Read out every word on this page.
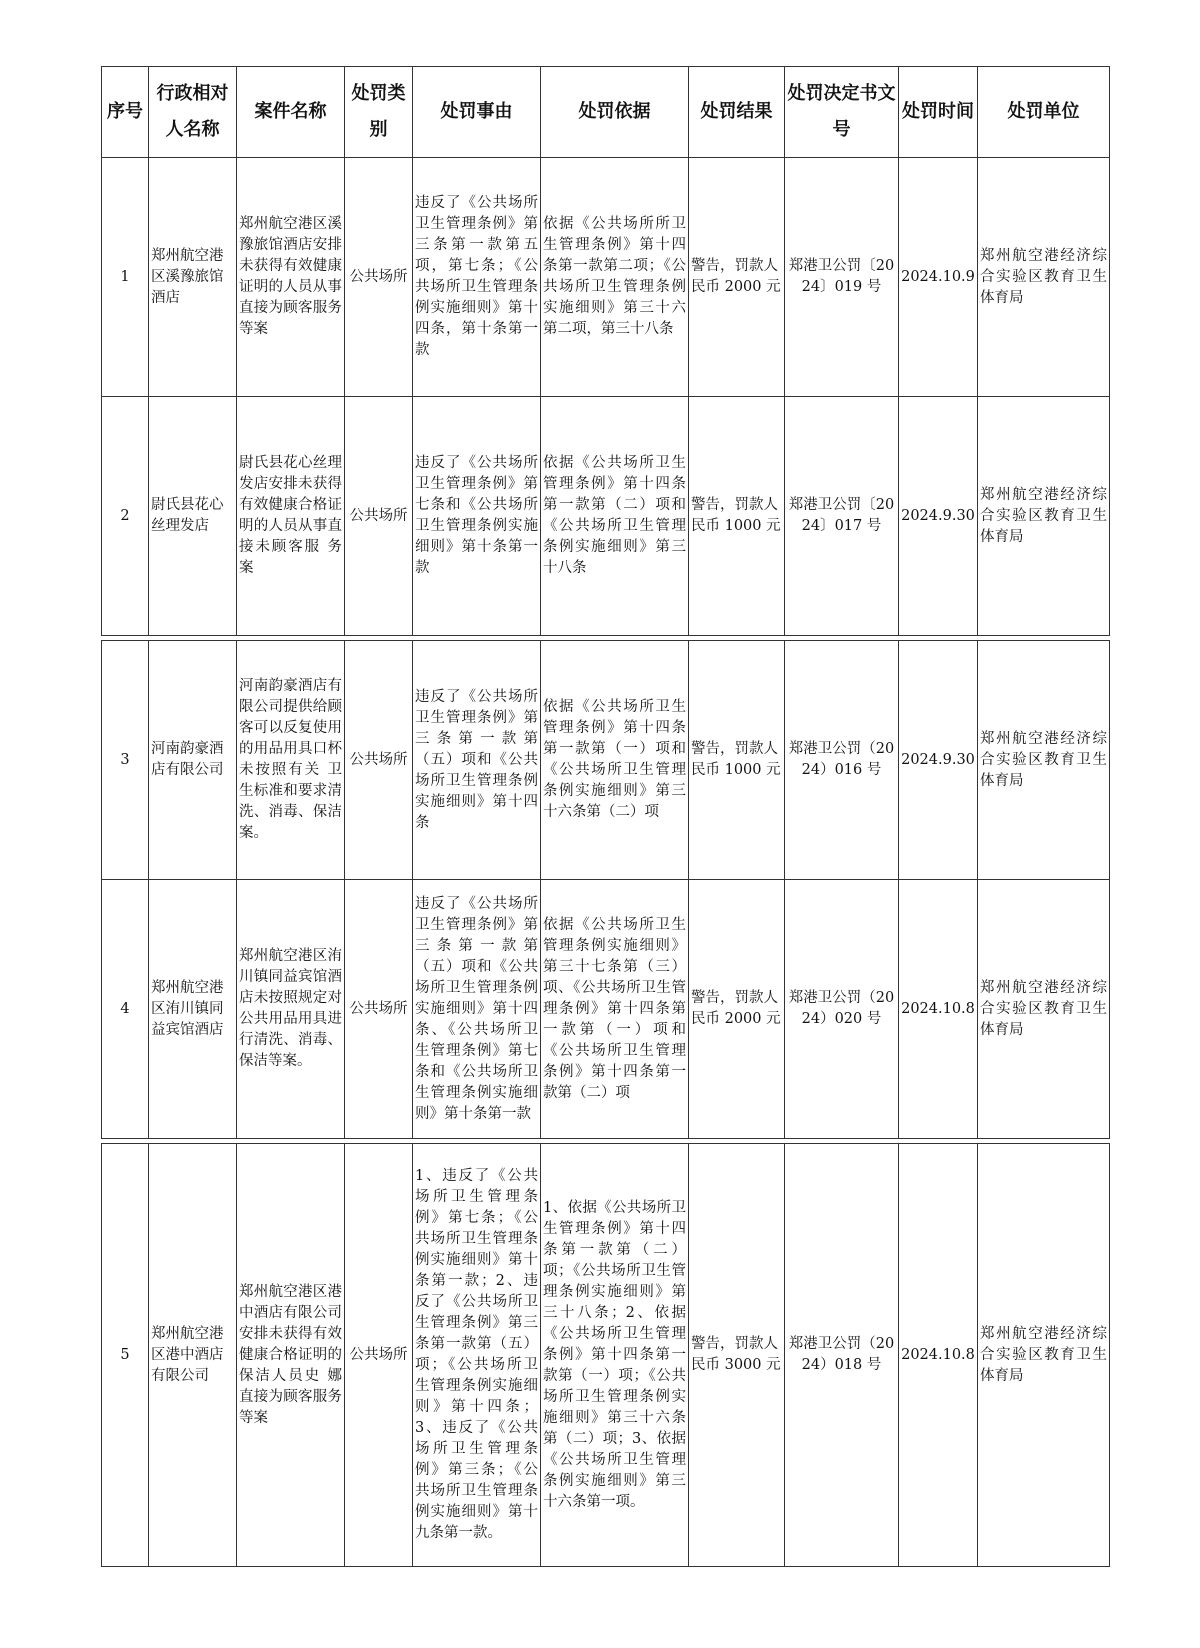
序号	行政相对人名称	案件名称	处罚类别	处罚事由	处罚依据	处罚结果	处罚决定书文号	处罚时间	处罚单位
1	郑州航空港区溪豫旅馆酒店	郑州航空港区溪豫旅馆酒店安排未获得有效健康证明的人员从事直接为顾客服务等案	公共场所	违反了《公共场所卫生管理条例》第三条第一款第五项，第七条；《公共场所卫生管理条例实施细则》第十四条，第十条第一款	依据《公共场所所卫生管理条例》第十四条第一款第二项；《公共场所卫生管理条例实施细则》第三十六第二项，第三十八条	警告，罚款人民币 2000 元	郑港卫公罚〔2024〕019 号	2024.10.9	郑州航空港经济综合实验区教育卫生体育局
2	尉氏县花心丝理发店	尉氏县花心丝理发店安排未获得有效健康合格证明的人员从事直接未顾客服 务案	公共场所	违反了《公共场所卫生管理条例》第七条和《公共场所卫生管理条例实施细则》第十条第一款	依据《公共场所卫生管理条例》第十四条第一款第（二）项和《公共场所卫生管理条例实施细则》第三十八条	警告，罚款人民币 1000 元	郑港卫公罚〔2024〕017 号	2024.9.30	郑州航空港经济综合实验区教育卫生体育局

3	河南韵豪酒店有限公司	河南韵豪酒店有限公司提供给顾客可以反复使用的用品用具口杯未按照有关 卫生标准和要求清洗、消毒、保洁案。	公共场所	违反了《公共场所卫生管理条例》第三条第一款第（五）项和《公共场所卫生管理条例实施细则》第十四条	依据《公共场所卫生管理条例》第十四条第一款第（一）项和《公共场所卫生管理条例实施细则》第三十六条第（二）项	警告，罚款人民币 1000 元	郑港卫公罚（2024）016 号	2024.9.30	郑州航空港经济综合实验区教育卫生体育局
4	郑州航空港区洧川镇同益宾馆酒店	郑州航空港区洧川镇同益宾馆酒店未按照规定对公共用品用具进行清洗、消毒、保洁等案。	公共场所	违反了《公共场所卫生管理条例》第三条第一款第（五）项和《公共场所卫生管理条例实施细则》第十四条、《公共场所卫生管理条例》第七条和《公共场所卫生管理条例实施细则》第十条第一款	依据《公共场所卫生管理条例实施细则》第三十七条第（三）项、《公共场所卫生管理条例》第十四条第一款第（一）项和《公共场所卫生管理条例》第十四条第一款第（二）项	警告，罚款人民币 2000 元	郑港卫公罚（2024）020 号	2024.10.8	郑州航空港经济综合实验区教育卫生体育局

5	郑州航空港区港中酒店有限公司	郑州航空港区港中酒店有限公司安排未获得有效健康合格证明的保洁人员史 娜直接为顾客服务等案	公共场所	1、违反了《公共场所卫生管理条例》第七条；《公共场所卫生管理条例实施细则》第十条第一款；2、违反了《公共场所卫生管理条例》第三条第一款第（五）项；《公共场所卫生管理条例实施细则》第十四条；3、违反了《公共场所卫生管理条例》第三条；《公共场所卫生管理条例实施细则》第十九条第一款。	1、依据《公共场所卫生管理条例》第十四条第一款第（二）项；《公共场所卫生管理条例实施细则》第三十八条；2、依据《公共场所卫生管理条例》第十四条第一款第（一）项；《公共场所卫生管理条例实施细则》第三十六条第（二）项；3、依据《公共场所卫生管理条例实施细则》第三十六条第一项。	警告，罚款人民币 3000 元	郑港卫公罚（2024）018 号	2024.10.8	郑州航空港经济综合实验区教育卫生体育局
